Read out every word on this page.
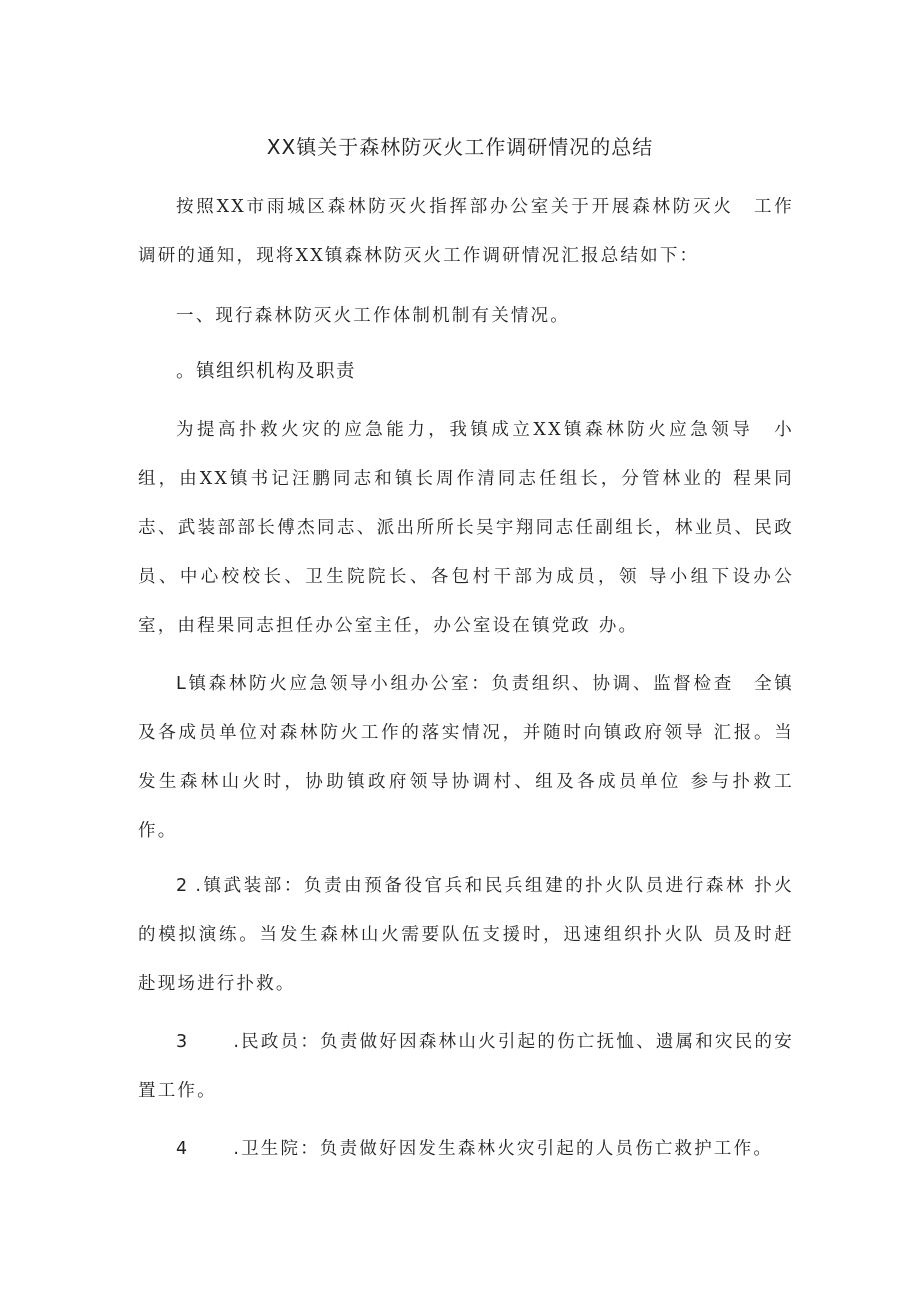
XX镇关于森林防灭火工作调研情况的总结

按照XX市雨城区森林防灭火指挥部办公室关于开展森林防灭火　工作调研的通知，现将XX镇森林防灭火工作调研情况汇报总结如下：

一、现行森林防灭火工作体制机制有关情况。

。镇组织机构及职责

为提高扑救火灾的应急能力，我镇成立XX镇森林防火应急领导　小组，由XX镇书记汪鹏同志和镇长周作清同志任组长，分管林业的 程果同志、武装部部长傅杰同志、派出所所长吴宇翔同志任副组长，林业员、民政员、中心校校长、卫生院院长、各包村干部为成员，领 导小组下设办公室，由程果同志担任办公室主任，办公室设在镇党政 办。

L镇森林防火应急领导小组办公室：负责组织、协调、监督检查　全镇及各成员单位对森林防火工作的落实情况，并随时向镇政府领导 汇报。当发生森林山火时，协助镇政府领导协调村、组及各成员单位 参与扑救工作。

2 .镇武装部：负责由预备役官兵和民兵组建的扑火队员进行森林 扑火的模拟演练。当发生森林山火需要队伍支援时，迅速组织扑火队 员及时赶赴现场进行扑救。

3	.民政员：负责做好因森林山火引起的伤亡抚恤、遗属和灾民的安置工作。

4	.卫生院：负责做好因发生森林火灾引起的人员伤亡救护工作。
